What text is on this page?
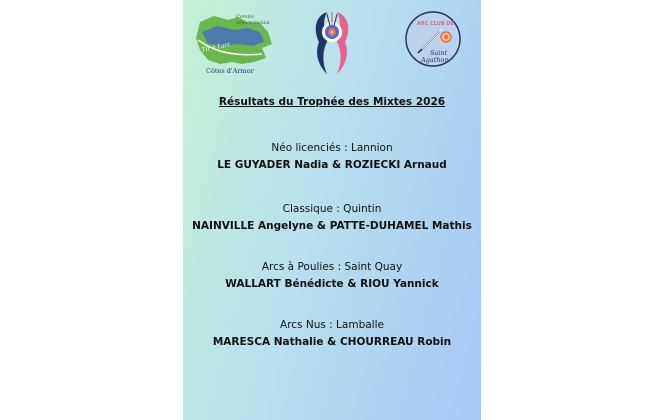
Comité
départemental
Tir à l'arc
Côtes d'Armor
ARC CLUB DE
Saint
Agathon
Résultats du Trophée des Mixtes 2026
Néo licenciés : Lannion
LE GUYADER Nadia & ROZIECKI Arnaud
Classique : Quintin
NAINVILLE Angelyne & PATTE-DUHAMEL Mathis
Arcs à Poulies : Saint Quay
WALLART Bénédicte & RIOU Yannick
Arcs Nus : Lamballe
MARESCA Nathalie & CHOURREAU Robin
